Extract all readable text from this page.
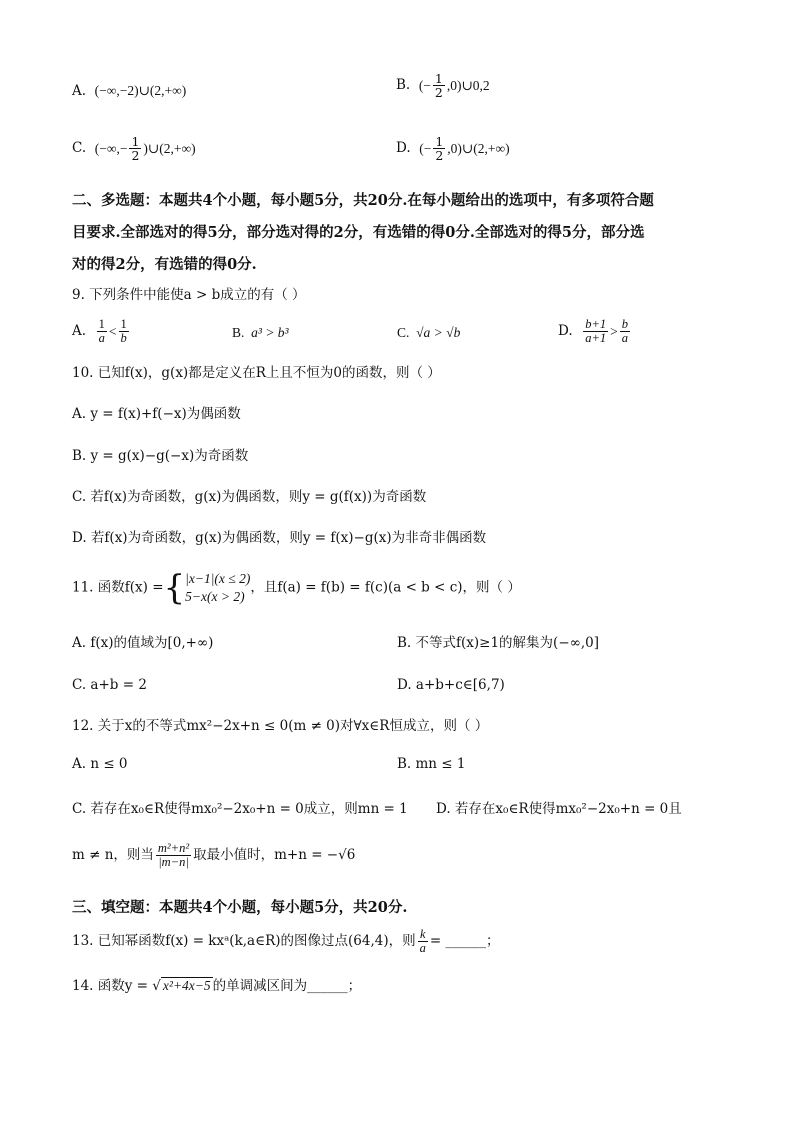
A. (−∞,−2)∪(2,+∞)	B. (− $\frac{1}{2}$ ,0)∪0,2
C. (−∞,− $\frac{1}{2}$ )∪(2,+∞)	D. (− $\frac{1}{2}$ ,0)∪(2,+∞)
二、多选题：本题共4个小题，每小题5分，共20分.在每小题给出的选项中，有多项符合题
目要求.全部选对的得5分，部分选对得的2分，有选错的得0分.全部选对的得5分，部分选
对的得2分，有选错的得0分.
9. 下列条件中能使a > b成立的有（ ）
A. $\frac{1}{a} < \frac{1}{b}$	B. a³ > b³	C. √a > √b	D. $\frac{b+1}{a+1} > \frac{b}{a}$
10. 已知f(x)，g(x)都是定义在R上且不恒为0的函数，则（ ）
A. y = f(x)+f(−x)为偶函数
B. y = g(x)−g(−x)为奇函数
C. 若f(x)为奇函数，g(x)为偶函数，则y = g(f(x))为奇函数
D. 若f(x)为奇函数，g(x)为偶函数，则y = f(x)−g(x)为非奇非偶函数
11. 函数f(x) ={ |x−1|(x ≤ 2)
5−x(x > 2)
，且f(a) = f(b) = f(c)(a < b < c)，则（ ）
A. f(x)的值域为[0,+∞)	B. 不等式f(x)≥1的解集为(−∞,0]
C. a+b = 2	D. a+b+c∈[6,7)
12. 关于x的不等式mx²−2x+n ≤ 0(m ≠ 0)对∀x∈R恒成立，则（ ）
A. n ≤ 0	B. mn ≤ 1
C. 若存在x₀∈R使得mx₀²−2x₀+n = 0成立，则mn = 1 D. 若存在x₀∈R使得mx₀²−2x₀+n = 0且
m ≠ n，则当 $\frac{\text{m²+n²}}{|m-n|}$ 取最小值时，m+n = −√6
三、填空题：本题共4个小题，每小题5分，共20分.
13. 已知幂函数f(x) = kxᵃ(k,a∈R)的图像过点(64,4)，则 $\frac{k}{a}$ = ______；
14. 函数y = √ x²+4x−5 的单调减区间为______；
